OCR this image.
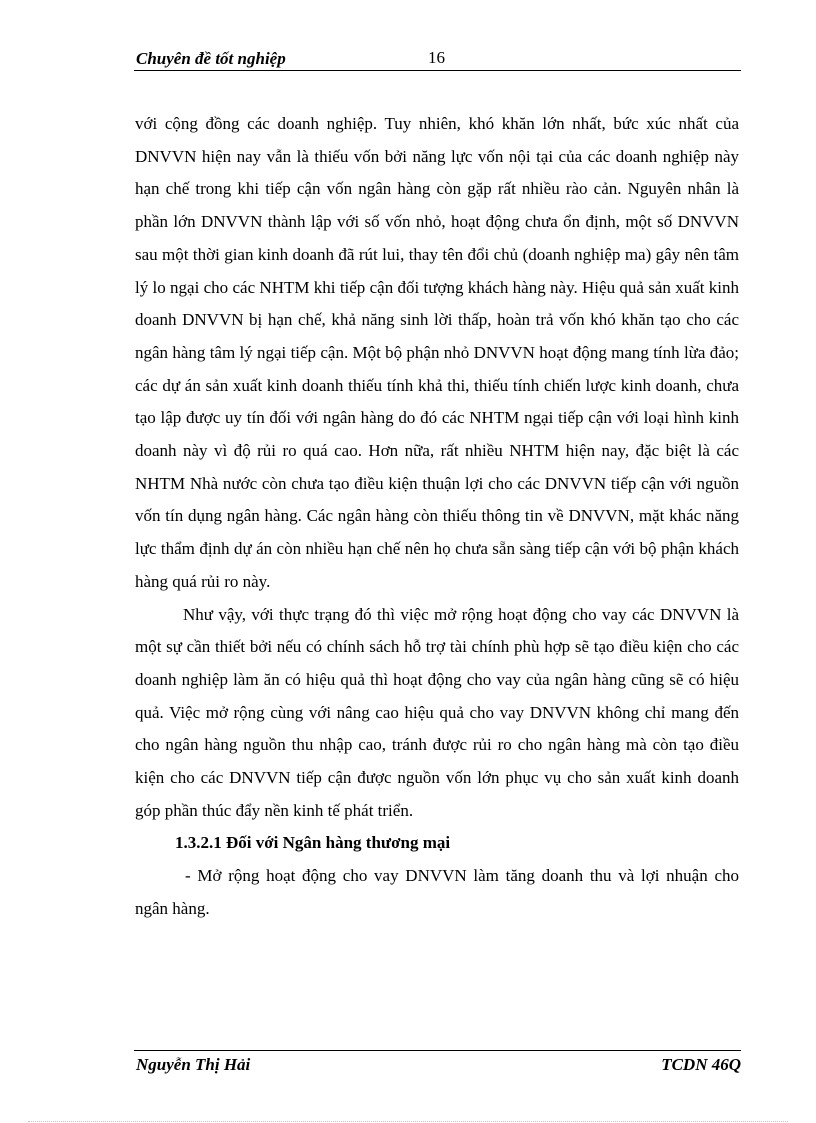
Chuyên đề tốt nghiệp	16

với cộng đồng các doanh nghiệp. Tuy nhiên, khó khăn lớn nhất, bức xúc nhất của DNVVN hiện nay vẫn là thiếu vốn bởi năng lực vốn nội tại của các doanh nghiệp này hạn chế trong khi tiếp cận vốn ngân hàng còn gặp rất nhiều rào cản. Nguyên nhân là phần lớn DNVVN thành lập với số vốn nhỏ, hoạt động chưa ổn định, một số DNVVN sau một thời gian kinh doanh đã rút lui, thay tên đổi chủ (doanh nghiệp ma) gây nên tâm lý lo ngại cho các NHTM khi tiếp cận đối tượng khách hàng này. Hiệu quả sản xuất kinh doanh DNVVN bị hạn chế, khả năng sinh lời thấp, hoàn trả vốn khó khăn tạo cho các ngân hàng tâm lý ngại tiếp cận. Một bộ phận nhỏ DNVVN hoạt động mang tính lừa đảo; các dự án sản xuất kinh doanh thiếu tính khả thi, thiếu tính chiến lược kinh doanh, chưa tạo lập được uy tín đối với ngân hàng do đó các NHTM ngại tiếp cận với loại hình kinh doanh này vì độ rủi ro quá cao. Hơn nữa, rất nhiều NHTM hiện nay, đặc biệt là các NHTM Nhà nước còn chưa tạo điều kiện thuận lợi cho các DNVVN tiếp cận với nguồn vốn tín dụng ngân hàng. Các ngân hàng còn thiếu thông tin về DNVVN, mặt khác năng lực thẩm định dự án còn nhiều hạn chế nên họ chưa sẵn sàng tiếp cận với bộ phận khách hàng quá rủi ro này.

Như vậy, với thực trạng đó thì việc mở rộng hoạt động cho vay các DNVVN là một sự cần thiết bởi nếu có chính sách hỗ trợ tài chính phù hợp sẽ tạo điều kiện cho các doanh nghiệp làm ăn có hiệu quả thì hoạt động cho vay của ngân hàng cũng sẽ có hiệu quả. Việc mở rộng cùng với nâng cao hiệu quả cho vay DNVVN không chỉ mang đến cho ngân hàng nguồn thu nhập cao, tránh được rủi ro cho ngân hàng mà còn tạo điều kiện cho các DNVVN tiếp cận được nguồn vốn lớn phục vụ cho sản xuất kinh doanh góp phần thúc đẩy nền kinh tế phát triển.

1.3.2.1 Đối với Ngân hàng thương mại

- Mở rộng hoạt động cho vay DNVVN làm tăng doanh thu và lợi nhuận cho ngân hàng.

Nguyễn Thị Hải	TCDN 46Q
